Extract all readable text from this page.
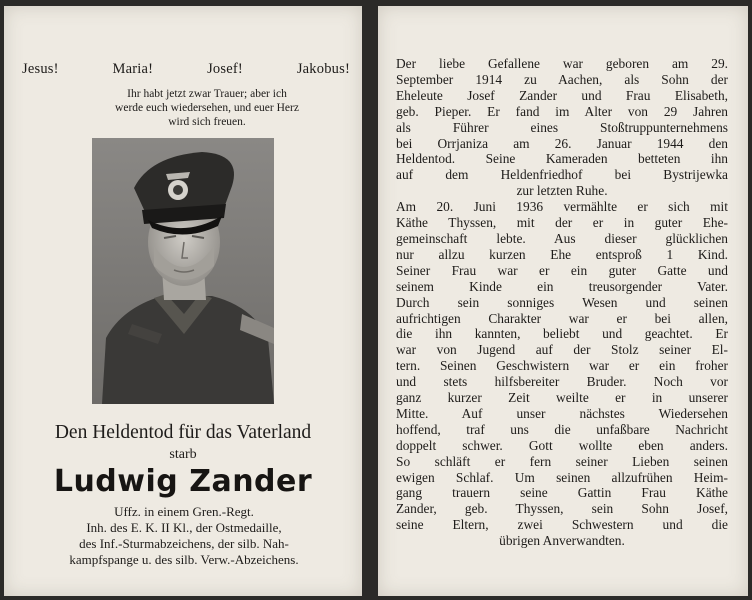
Jesus!	Maria!	Josef!	Jakobus!
Ihr habt jetzt zwar Trauer; aber ich
werde euch wiedersehen, und euer Herz
wird sich freuen.
Den Heldentod für das Vaterland
starb
Ludwig Zander
Uffz. in einem Gren.-Regt.
Inh. des E. K. II Kl., der Ostmedaille,
des Inf.-Sturmabzeichens, der silb. Nah-
kampfspange u. des silb. Verw.-Abzeichens.
Der liebe Gefallene war geboren am 29.
September 1914 zu Aachen, als Sohn der
Eheleute Josef Zander und Frau Elisabeth,
geb. Pieper. Er fand im Alter von 29 Jahren
als Führer eines Stoßtruppunternehmens
bei Orrjaniza am 26. Januar 1944 den
Heldentod. Seine Kameraden betteten ihn
auf dem Heldenfriedhof bei Bystrijewka
zur letzten Ruhe.
Am 20. Juni 1936 vermählte er sich mit
Käthe Thyssen, mit der er in guter Ehe-
gemeinschaft lebte. Aus dieser glücklichen
nur allzu kurzen Ehe entsproß 1 Kind.
Seiner Frau war er ein guter Gatte und
seinem Kinde ein treusorgender Vater.
Durch sein sonniges Wesen und seinen
aufrichtigen Charakter war er bei allen,
die ihn kannten, beliebt und geachtet. Er
war von Jugend auf der Stolz seiner El-
tern. Seinen Geschwistern war er ein froher
und stets hilfsbereiter Bruder. Noch vor
ganz kurzer Zeit weilte er in unserer
Mitte. Auf unser nächstes Wiedersehen
hoffend, traf uns die unfaßbare Nachricht
doppelt schwer. Gott wollte eben anders.
So schläft er fern seiner Lieben seinen
ewigen Schlaf. Um seinen allzufrühen Heim-
gang trauern seine Gattin Frau Käthe
Zander, geb. Thyssen, sein Sohn Josef,
seine Eltern, zwei Schwestern und die
übrigen Anverwandten.
